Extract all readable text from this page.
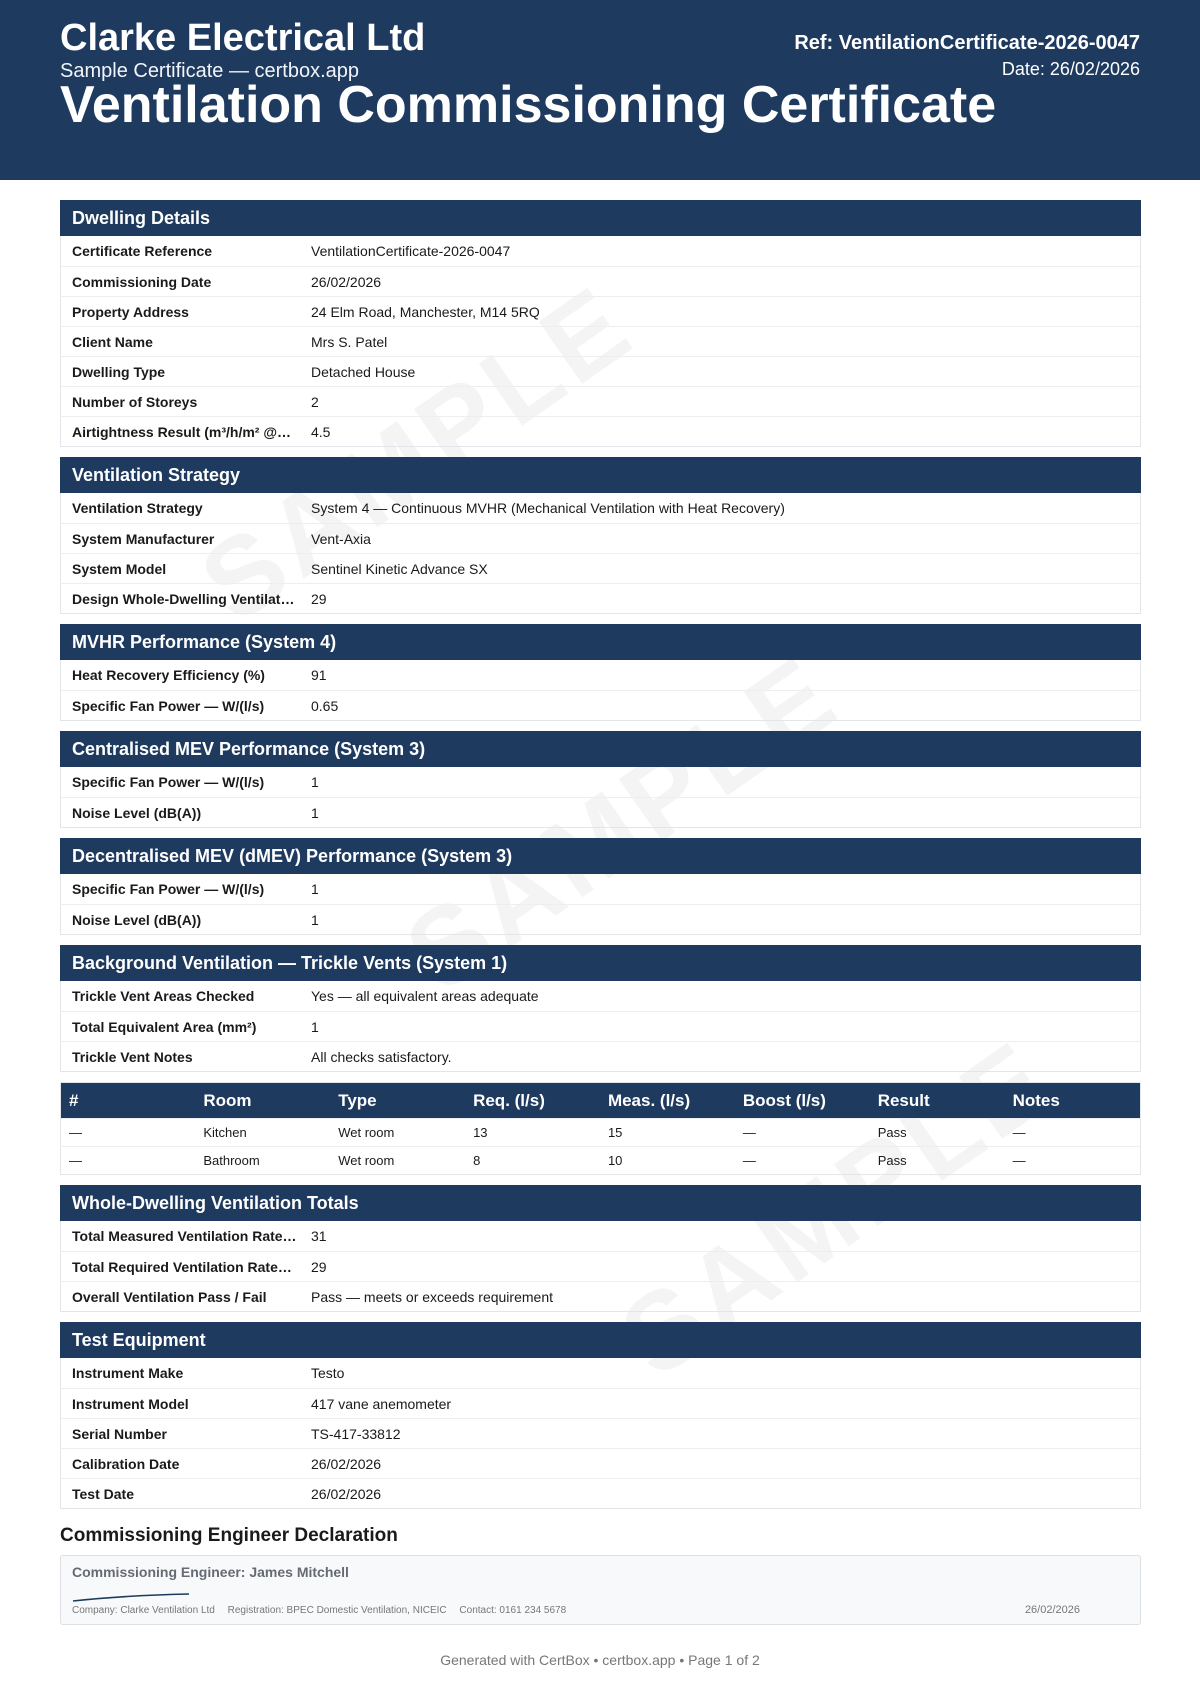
Clarke Electrical Ltd
Sample Certificate — certbox.app
Ventilation Commissioning Certificate
Ref: VentilationCertificate-2026-0047
Date: 26/02/2026
Dwelling Details
Certificate Reference	VentilationCertificate-2026-0047
Commissioning Date	26/02/2026
Property Address	24 Elm Road, Manchester, M14 5RQ
Client Name	Mrs S. Patel
Dwelling Type	Detached House
Number of Storeys	2
Airtightness Result (m³/h/m² @…	4.5
Ventilation Strategy
Ventilation Strategy	System 4 — Continuous MVHR (Mechanical Ventilation with Heat Recovery)
System Manufacturer	Vent-Axia
System Model	Sentinel Kinetic Advance SX
Design Whole-Dwelling Ventilat…	29
MVHR Performance (System 4)
Heat Recovery Efficiency (%)	91
Specific Fan Power — W/(l/s)	0.65
Centralised MEV Performance (System 3)
Specific Fan Power — W/(l/s)	1
Noise Level (dB(A))	1
Decentralised MEV (dMEV) Performance (System 3)
Specific Fan Power — W/(l/s)	1
Noise Level (dB(A))	1
Background Ventilation — Trickle Vents (System 1)
Trickle Vent Areas Checked	Yes — all equivalent areas adequate
Total Equivalent Area (mm²)	1
Trickle Vent Notes	All checks satisfactory.
#	Room	Type	Req. (l/s)	Meas. (l/s)	Boost (l/s)	Result	Notes
—	Kitchen	Wet room	13	15	—	Pass	—
—	Bathroom	Wet room	8	10	—	Pass	—
Whole-Dwelling Ventilation Totals
Total Measured Ventilation Rate…	31
Total Required Ventilation Rate…	29
Overall Ventilation Pass / Fail	Pass — meets or exceeds requirement
Test Equipment
Instrument Make	Testo
Instrument Model	417 vane anemometer
Serial Number	TS-417-33812
Calibration Date	26/02/2026
Test Date	26/02/2026
Commissioning Engineer Declaration
Commissioning Engineer: James Mitchell
Company: Clarke Ventilation Ltd Registration: BPEC Domestic Ventilation, NICEIC Contact: 0161 234 5678	26/02/2026
Generated with CertBox • certbox.app • Page 1 of 2
